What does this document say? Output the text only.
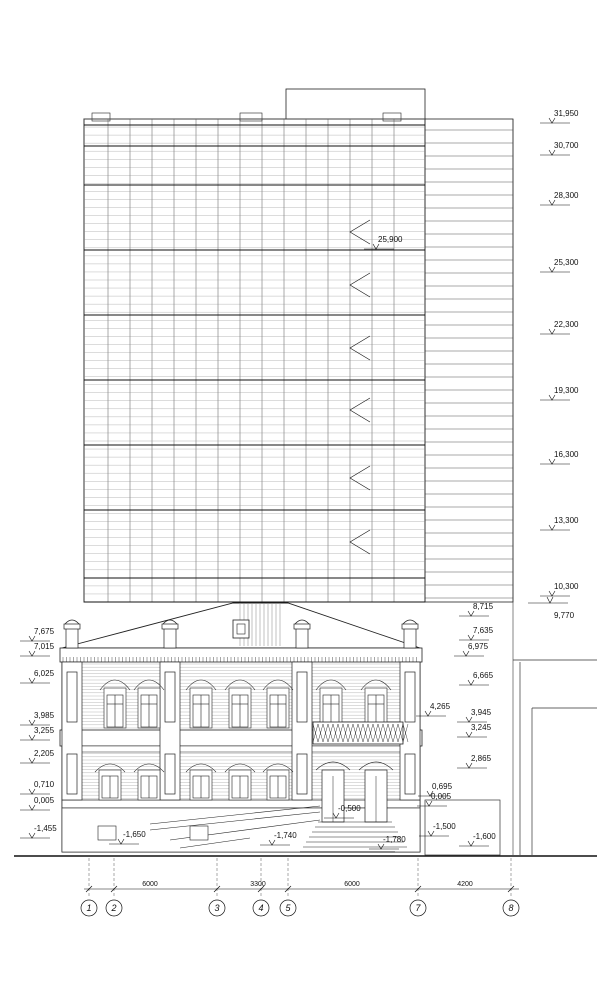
31,950
30,700
28,300
25,300
22,300
19,300
16,300
13,300
10,300
9,770
25,900
8,715
7,635
6,975
6,665
4,265
3,945
3,245
2,865
0,695
0,005
-1,500
-1,600
7,675
7,015
6,025
3,985
3,255
2,205
0,710
0,005
-1,455
-1,650	-1,740
-0,500
-1,780
1 2	3	4 5	7	8
6000	3300	6000	4200
